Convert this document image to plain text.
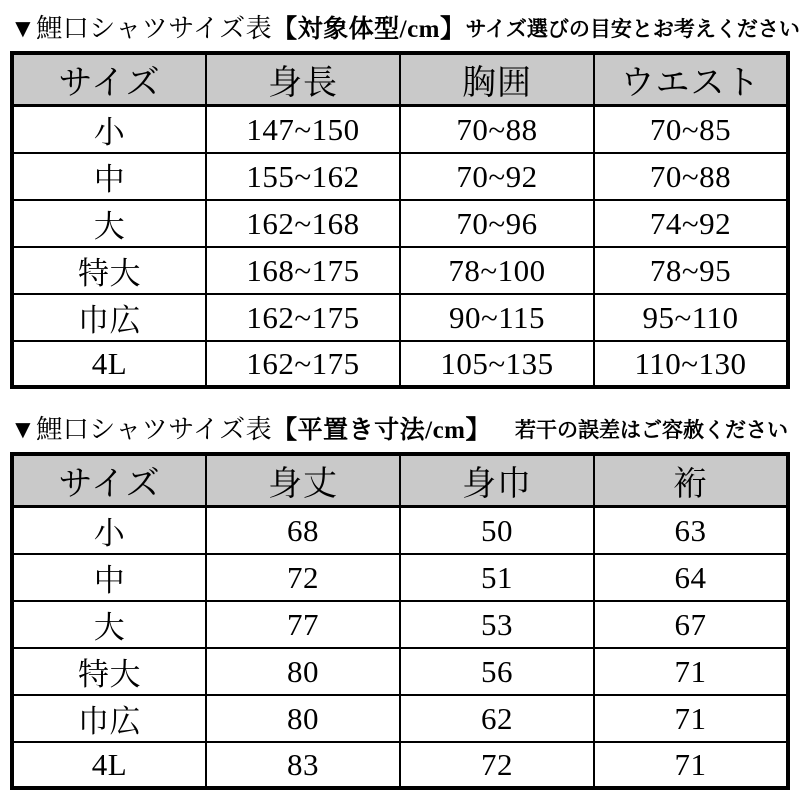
▼鯉口シャツサイズ表【対象体型/cm】 サイズ選びの目安とお考えください
サイズ	身長	胸囲	ウエスト
小	147~150	70~88	70~85
中	155~162	70~92	70~88
大	162~168	70~96	74~92
特大	168~175	78~100	78~95
巾広	162~175	90~115	95~110
4L	162~175	105~135	110~130
▼鯉口シャツサイズ表【平置き寸法/cm】 若干の誤差はご容赦ください
サイズ	身丈	身巾	裄
小	68	50	63
中	72	51	64
大	77	53	67
特大	80	56	71
巾広	80	62	71
4L	83	72	71
